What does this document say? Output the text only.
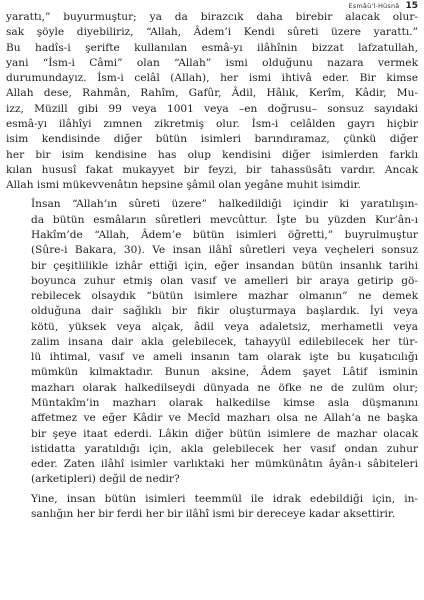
Esmâü'l-Hüsnâ 15

yarattı,” buyurmuştur; ya da birazcık daha birebir alacak olur-
sak şöyle diyebiliriz, “Allah, Âdem’i Kendi sûreti üzere yarattı.”
Bu hadîs-i şerifte kullanılan esmâ-yı ilâhînin bizzat lafzatullah,
yani “İsm-i Câmi” olan “Allah” ismi olduğunu nazara vermek
durumundayız. İsm-i celâl (Allah), her ismi ihtivâ eder. Bir kimse
Allah dese, Rahmân, Rahîm, Gafûr, Âdil, Hâlık, Kerîm, Kâdir, Mu-
izz, Müzill gibi 99 veya 1001 veya –en doğrusu– sonsuz sayıdaki
esmâ-yı ilâhîyi zımnen zikretmiş olur. İsm-i celâlden gayrı hiçbir
isim kendisinde diğer bütün isimleri barındıramaz, çünkü diğer
her bir isim kendisine has olup kendisini diğer isimlerden farklı
kılan hususî fakat mukayyet bir feyzi, bir tahassüsâtı vardır. Ancak
Allah ismi mükevvenâtın hepsine şâmil olan yegâne muhit isimdir.

İnsan “Allah’ın sûreti üzere” halkedildiği içindir ki yaratılışın-
da bütün esmâların sûretleri mevcûttur. İşte bu yüzden Kur’ân-ı
Hakîm’de “Allah, Âdem’e bütün isimleri öğretti,” buyrulmuştur
(Sûre-i Bakara, 30). Ve insan ilâhî sûretleri veya veçheleri sonsuz
bir çeşitlilikle izhâr ettiği için, eğer insandan bütün insanlık tarihi
boyunca zuhur etmiş olan vasıf ve amelleri bir araya getirip gö-
rebilecek olsaydık “bütün isimlere mazhar olmanın” ne demek
olduğuna dair sağlıklı bir fikir oluşturmaya başlardık. İyi veya
kötü, yüksek veya alçak, âdil veya adaletsiz, merhametli veya
zalim insana dair akla gelebilecek, tahayyül edilebilecek her tür-
lü ihtimal, vasıf ve ameli insanın tam olarak işte bu kuşatıcılığı
mümkün kılmaktadır. Bunun aksine, Âdem şayet Lâtif isminin
mazharı olarak halkedilseydi dünyada ne öfke ne de zulüm olur;
Müntakîm’in mazharı olarak halkedilse kimse asla düşmanını
affetmez ve eğer Kâdir ve Mecîd mazharı olsa ne Allah’a ne başka
bir şeye itaat ederdi. Lâkin diğer bütün isimlere de mazhar olacak
istidatta yaratıldığı için, akla gelebilecek her vasıf ondan zuhur
eder. Zaten ilâhî isimler varlıktaki her mümkünâtın âyân-ı sâbiteleri
(arketipleri) değil de nedir?

Yine, insan bütün isimleri teemmül ile idrak edebildiği için, in-
sanlığın her bir ferdi her bir ilâhî ismi bir dereceye kadar aksettirir.
